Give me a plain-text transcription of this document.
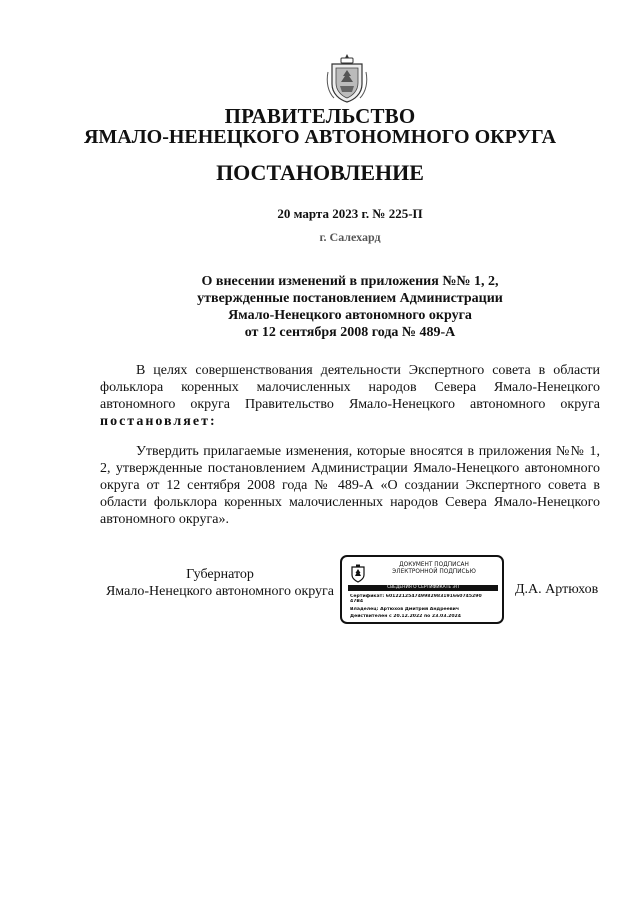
ПРАВИТЕЛЬСТВО
ЯМАЛО-НЕНЕЦКОГО АВТОНОМНОГО ОКРУГА
ПОСТАНОВЛЕНИЕ
20 марта 2023 г. № 225-П
г. Салехард
О внесении изменений в приложения №№ 1, 2,
утвержденные постановлением Администрации
Ямало-Ненецкого автономного округа
от 12 сентября 2008 года № 489-А
В целях совершенствования деятельности Экспертного совета в области фольклора коренных малочисленных народов Севера Ямало-Ненецкого автономного округа Правительство Ямало-Ненецкого автономного округа постановляет:
Утвердить прилагаемые изменения, которые вносятся в приложения №№ 1, 2, утвержденные постановлением Администрации Ямало-Ненецкого автономного округа от 12 сентября 2008 года № 489-А «О создании Экспертного совета в области фольклора коренных малочисленных народов Севера Ямало-Ненецкого автономного округа».
Губернатор
Ямало-Ненецкого автономного округа	Д.А. Артюхов
ДОКУМЕНТ ПОДПИСАН
ЭЛЕКТРОННОЙ ПОДПИСЬЮ
СВЕДЕНИЯ О СЕРТИФИКАТЕ ЭП
Сертификат: 601221254749982983191660745290
47B4
Владелец: Артюхов Дмитрий Андреевич
Действителен с 20.12.2022 по 23.03.2024
